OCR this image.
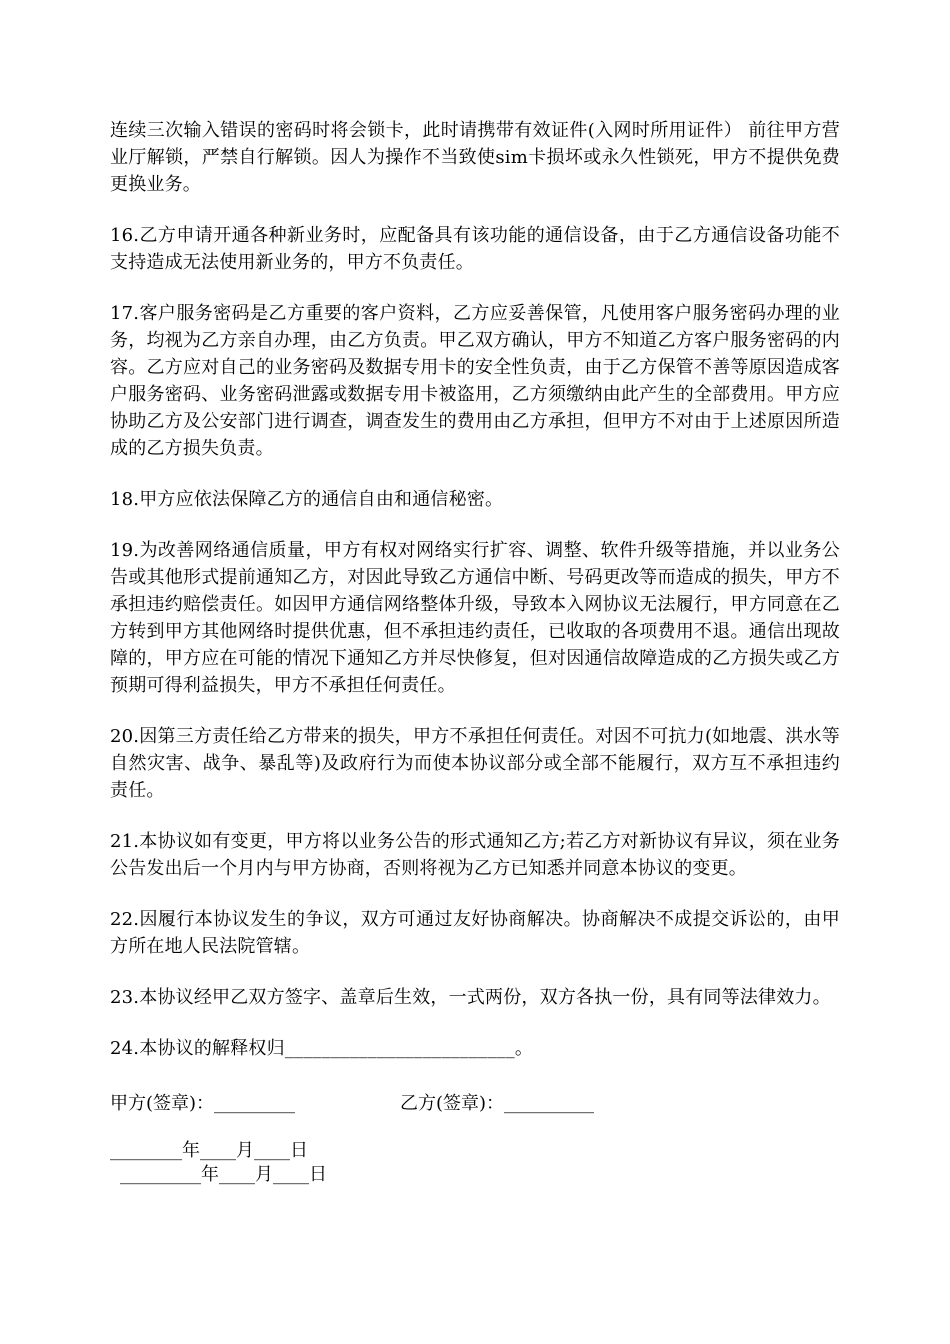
连续三次输入错误的密码时将会锁卡，此时请携带有效证件(入网时所用证件） 前往甲方营业厅解锁，严禁自行解锁。因人为操作不当致使sim卡损坏或永久性锁死，甲方不提供免费更换业务。

16.乙方申请开通各种新业务时，应配备具有该功能的通信设备，由于乙方通信设备功能不支持造成无法使用新业务的，甲方不负责任。

17.客户服务密码是乙方重要的客户资料，乙方应妥善保管，凡使用客户服务密码办理的业务，均视为乙方亲自办理，由乙方负责。甲乙双方确认，甲方不知道乙方客户服务密码的内容。乙方应对自己的业务密码及数据专用卡的安全性负责，由于乙方保管不善等原因造成客户服务密码、业务密码泄露或数据专用卡被盗用，乙方须缴纳由此产生的全部费用。甲方应协助乙方及公安部门进行调查，调查发生的费用由乙方承担，但甲方不对由于上述原因所造成的乙方损失负责。

18.甲方应依法保障乙方的通信自由和通信秘密。

19.为改善网络通信质量，甲方有权对网络实行扩容、调整、软件升级等措施，并以业务公告或其他形式提前通知乙方，对因此导致乙方通信中断、号码更改等而造成的损失，甲方不承担违约赔偿责任。如因甲方通信网络整体升级，导致本入网协议无法履行，甲方同意在乙方转到甲方其他网络时提供优惠，但不承担违约责任，已收取的各项费用不退。通信出现故障的，甲方应在可能的情况下通知乙方并尽快修复，但对因通信故障造成的乙方损失或乙方预期可得利益损失，甲方不承担任何责任。

20.因第三方责任给乙方带来的损失，甲方不承担任何责任。对因不可抗力(如地震、洪水等自然灾害、战争、暴乱等)及政府行为而使本协议部分或全部不能履行，双方互不承担违约责任。

21.本协议如有变更，甲方将以业务公告的形式通知乙方;若乙方对新协议有异议，须在业务公告发出后一个月内与甲方协商，否则将视为乙方已知悉并同意本协议的变更。

22.因履行本协议发生的争议，双方可通过友好协商解决。协商解决不成提交诉讼的，由甲方所在地人民法院管辖。

23.本协议经甲乙双方签字、盖章后生效，一式两份，双方各执一份，具有同等法律效力。

24.本协议的解释权归_________________________。

甲方(签章)：_________	乙方(签章)：__________
________年____月____日
_________年____月____日
